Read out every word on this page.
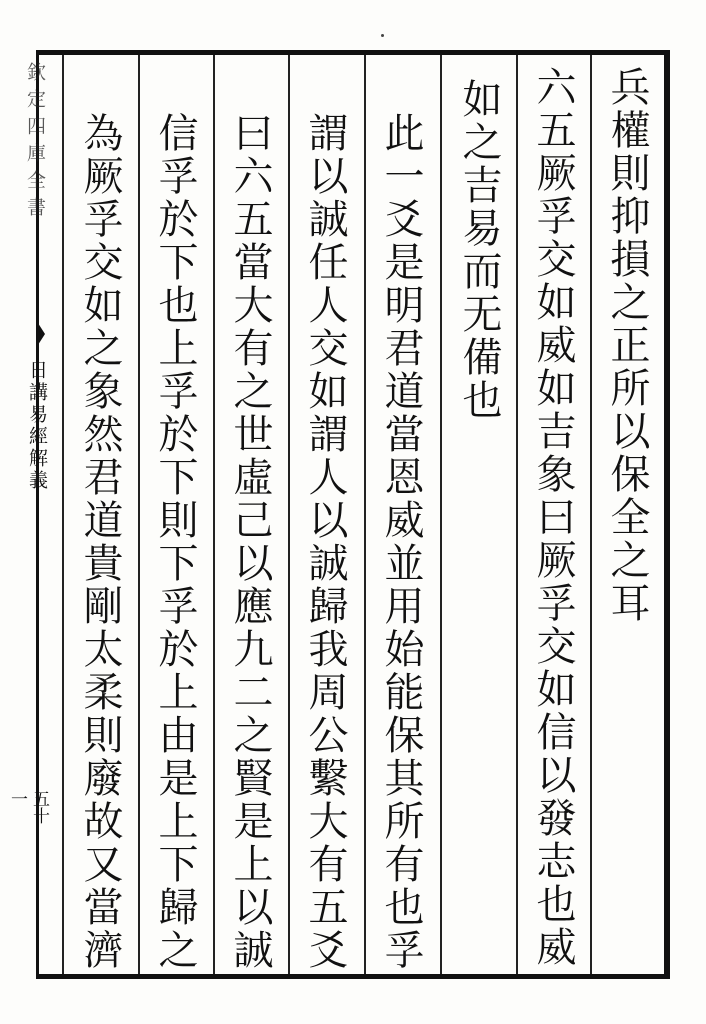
兵權則抑損之正所以保全之耳
六五厥孚交如威如吉象曰厥孚交如信以發志也威
如之吉易而无備也
此一爻是明君道當恩威並用始能保其所有也孚
謂以誠任人交如謂人以誠歸我周公繫大有五爻
曰六五當大有之世虛己以應九二之賢是上以誠
信孚於下也上孚於下則下孚於上由是上下歸之
為厥孚交如之象然君道貴剛太柔則廢故又當濟
欽定四庫全書
日講易經解義
五十一
